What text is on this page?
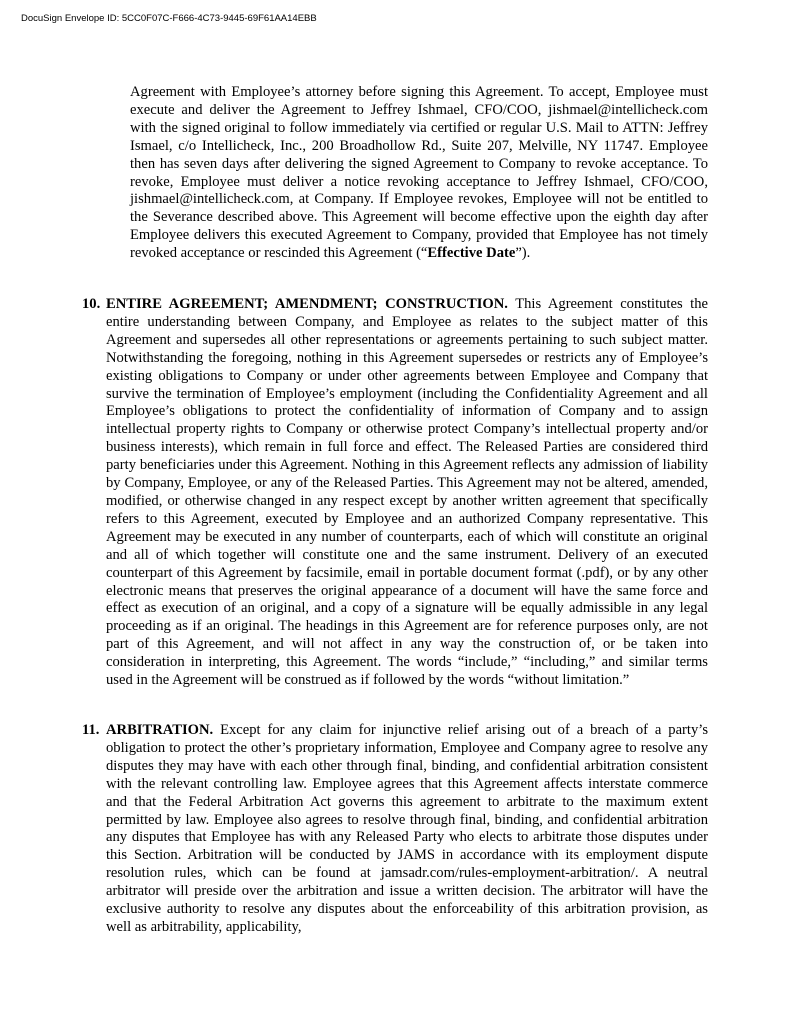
DocuSign Envelope ID: 5CC0F07C-F666-4C73-9445-69F61AA14EBB

Agreement with Employee’s attorney before signing this Agreement. To accept, Employee must execute and deliver the Agreement to Jeffrey Ishmael, CFO/COO, jishmael@intellicheck.com with the signed original to follow immediately via certified or regular U.S. Mail to ATTN: Jeffrey Ismael, c/o Intellicheck, Inc., 200 Broadhollow Rd., Suite 207, Melville, NY 11747. Employee then has seven days after delivering the signed Agreement to Company to revoke acceptance. To revoke, Employee must deliver a notice revoking acceptance to Jeffrey Ishmael, CFO/COO, jishmael@intellicheck.com, at Company. If Employee revokes, Employee will not be entitled to the Severance described above. This Agreement will become effective upon the eighth day after Employee delivers this executed Agreement to Company, provided that Employee has not timely revoked acceptance or rescinded this Agreement (“Effective Date”).

10. ENTIRE AGREEMENT; AMENDMENT; CONSTRUCTION. This Agreement constitutes the entire understanding between Company, and Employee as relates to the subject matter of this Agreement and supersedes all other representations or agreements pertaining to such subject matter. Notwithstanding the foregoing, nothing in this Agreement supersedes or restricts any of Employee’s existing obligations to Company or under other agreements between Employee and Company that survive the termination of Employee’s employment (including the Confidentiality Agreement and all Employee’s obligations to protect the confidentiality of information of Company and to assign intellectual property rights to Company or otherwise protect Company’s intellectual property and/or business interests), which remain in full force and effect. The Released Parties are considered third party beneficiaries under this Agreement. Nothing in this Agreement reflects any admission of liability by Company, Employee, or any of the Released Parties. This Agreement may not be altered, amended, modified, or otherwise changed in any respect except by another written agreement that specifically refers to this Agreement, executed by Employee and an authorized Company representative. This Agreement may be executed in any number of counterparts, each of which will constitute an original and all of which together will constitute one and the same instrument. Delivery of an executed counterpart of this Agreement by facsimile, email in portable document format (.pdf), or by any other electronic means that preserves the original appearance of a document will have the same force and effect as execution of an original, and a copy of a signature will be equally admissible in any legal proceeding as if an original. The headings in this Agreement are for reference purposes only, are not part of this Agreement, and will not affect in any way the construction of, or be taken into consideration in interpreting, this Agreement. The words “include,” “including,” and similar terms used in the Agreement will be construed as if followed by the words “without limitation.”

11. ARBITRATION. Except for any claim for injunctive relief arising out of a breach of a party’s obligation to protect the other’s proprietary information, Employee and Company agree to resolve any disputes they may have with each other through final, binding, and confidential arbitration consistent with the relevant controlling law. Employee agrees that this Agreement affects interstate commerce and that the Federal Arbitration Act governs this agreement to arbitrate to the maximum extent permitted by law. Employee also agrees to resolve through final, binding, and confidential arbitration any disputes that Employee has with any Released Party who elects to arbitrate those disputes under this Section. Arbitration will be conducted by JAMS in accordance with its employment dispute resolution rules, which can be found at jamsadr.com/rules-employment-arbitration/. A neutral arbitrator will preside over the arbitration and issue a written decision. The arbitrator will have the exclusive authority to resolve any disputes about the enforceability of this arbitration provision, as well as arbitrability, applicability,
